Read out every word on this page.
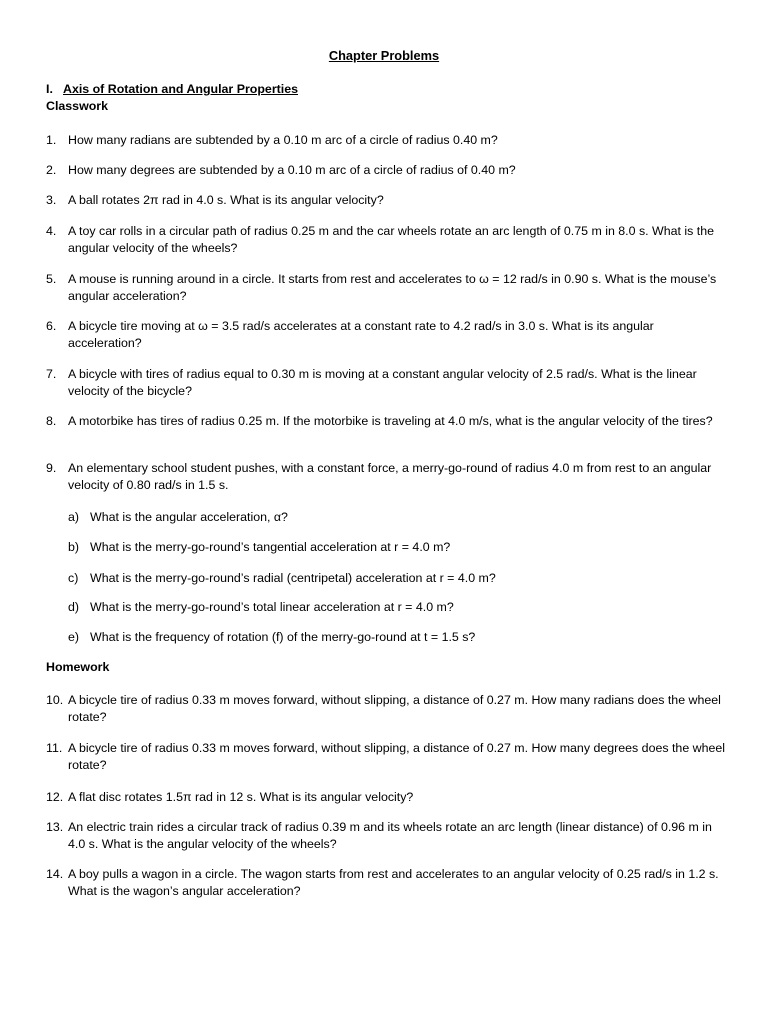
Chapter Problems
I. Axis of Rotation and Angular Properties
Classwork
1. How many radians are subtended by a 0.10 m arc of a circle of radius 0.40 m?
2. How many degrees are subtended by a 0.10 m arc of a circle of radius of 0.40 m?
3. A ball rotates 2π rad in 4.0 s. What is its angular velocity?
4. A toy car rolls in a circular path of radius 0.25 m and the car wheels rotate an arc length of 0.75 m in 8.0 s. What is the angular velocity of the wheels?
5. A mouse is running around in a circle. It starts from rest and accelerates to ω = 12 rad/s in 0.90 s. What is the mouse’s angular acceleration?
6. A bicycle tire moving at ω = 3.5 rad/s accelerates at a constant rate to 4.2 rad/s in 3.0 s. What is its angular acceleration?
7. A bicycle with tires of radius equal to 0.30 m is moving at a constant angular velocity of 2.5 rad/s. What is the linear velocity of the bicycle?
8. A motorbike has tires of radius 0.25 m. If the motorbike is traveling at 4.0 m/s, what is the angular velocity of the tires?
9. An elementary school student pushes, with a constant force, a merry-go-round of radius 4.0 m from rest to an angular velocity of 0.80 rad/s in 1.5 s.
a) What is the angular acceleration, α?
b) What is the merry-go-round’s tangential acceleration at r = 4.0 m?
c) What is the merry-go-round’s radial (centripetal) acceleration at r = 4.0 m?
d) What is the merry-go-round’s total linear acceleration at r = 4.0 m?
e) What is the frequency of rotation (f) of the merry-go-round at t = 1.5 s?
Homework
10. A bicycle tire of radius 0.33 m moves forward, without slipping, a distance of 0.27 m. How many radians does the wheel rotate?
11. A bicycle tire of radius 0.33 m moves forward, without slipping, a distance of 0.27 m. How many degrees does the wheel rotate?
12. A flat disc rotates 1.5π rad in 12 s. What is its angular velocity?
13. An electric train rides a circular track of radius 0.39 m and its wheels rotate an arc length (linear distance) of 0.96 m in 4.0 s. What is the angular velocity of the wheels?
14. A boy pulls a wagon in a circle. The wagon starts from rest and accelerates to an angular velocity of 0.25 rad/s in 1.2 s. What is the wagon’s angular acceleration?
